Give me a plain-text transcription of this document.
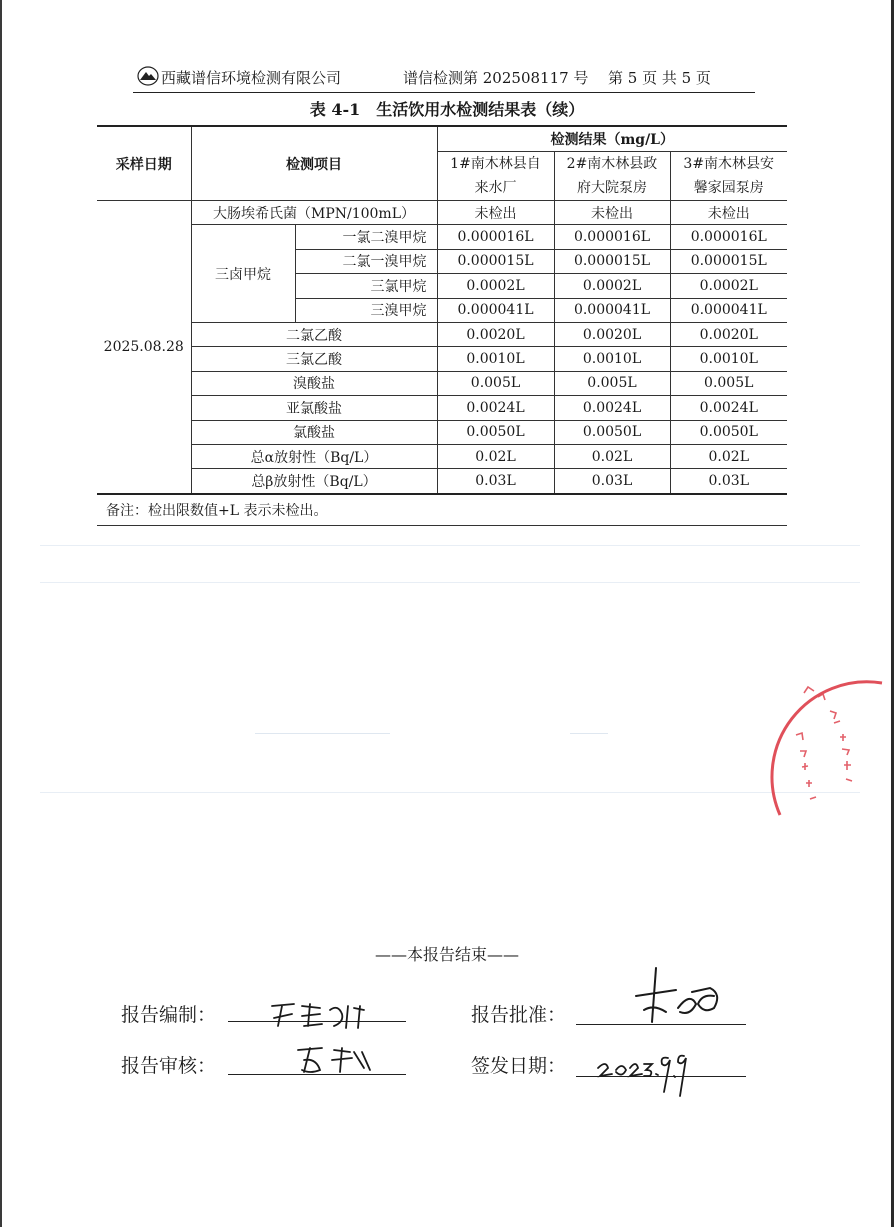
西藏谱信环境检测有限公司	谱信检测第 202508117 号 第 5 页 共 5 页
表 4-1　生活饮用水检测结果表（续）
采样日期	检测项目		检测结果（mg/L）		
			1#南木林县自来水厂	2#南木林县政府大院泵房	3#南木林县安馨家园泵房

2025.08.28	大肠埃希氏菌（MPN/100mL）		未检出	未检出	未检出
	三卤甲烷	一氯二溴甲烷	0.000016L	0.000016L	0.000016L
		二氯一溴甲烷	0.000015L	0.000015L	0.000015L
		三氯甲烷	0.0002L	0.0002L	0.0002L
		三溴甲烷	0.000041L	0.000041L	0.000041L
	二氯乙酸		0.0020L	0.0020L	0.0020L
	三氯乙酸		0.0010L	0.0010L	0.0010L
	溴酸盐		0.005L	0.005L	0.005L
	亚氯酸盐		0.0024L	0.0024L	0.0024L
	氯酸盐		0.0050L	0.0050L	0.0050L
	总α放射性（Bq/L）		0.02L	0.02L	0.02L
	总β放射性（Bq/L）		0.03L	0.03L	0.03L
备注：检出限数值+L 表示未检出。
——本报告结束——
报告编制：	报告批准：
报告审核：	签发日期：
